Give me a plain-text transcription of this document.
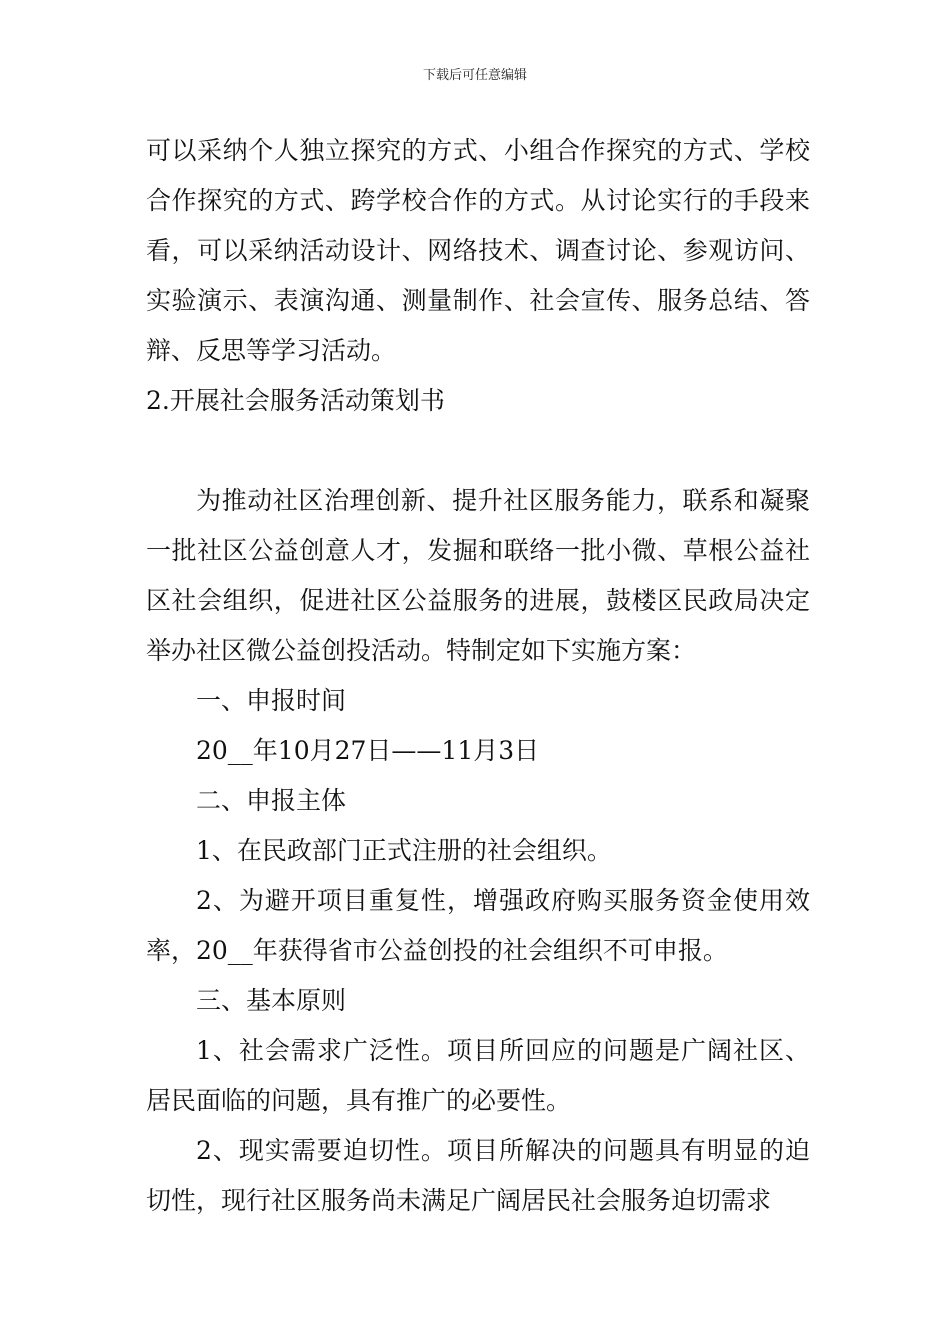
下载后可任意编辑

可以采纳个人独立探究的方式、小组合作探究的方式、学校合作探究的方式、跨学校合作的方式。从讨论实行的手段来看，可以采纳活动设计、网络技术、调查讨论、参观访问、实验演示、表演沟通、测量制作、社会宣传、服务总结、答辩、反思等学习活动。

2.开展社会服务活动策划书

为推动社区治理创新、提升社区服务能力，联系和凝聚一批社区公益创意人才，发掘和联络一批小微、草根公益社区社会组织，促进社区公益服务的进展，鼓楼区民政局决定举办社区微公益创投活动。特制定如下实施方案：

一、申报时间

20__年10月27日——11月3日

二、申报主体

1、在民政部门正式注册的社会组织。

2、为避开项目重复性，增强政府购买服务资金使用效率，20__年获得省市公益创投的社会组织不可申报。

三、基本原则

1、社会需求广泛性。项目所回应的问题是广阔社区、居民面临的问题，具有推广的必要性。

2、现实需要迫切性。项目所解决的问题具有明显的迫切性，现行社区服务尚未满足广阔居民社会服务迫切需求
